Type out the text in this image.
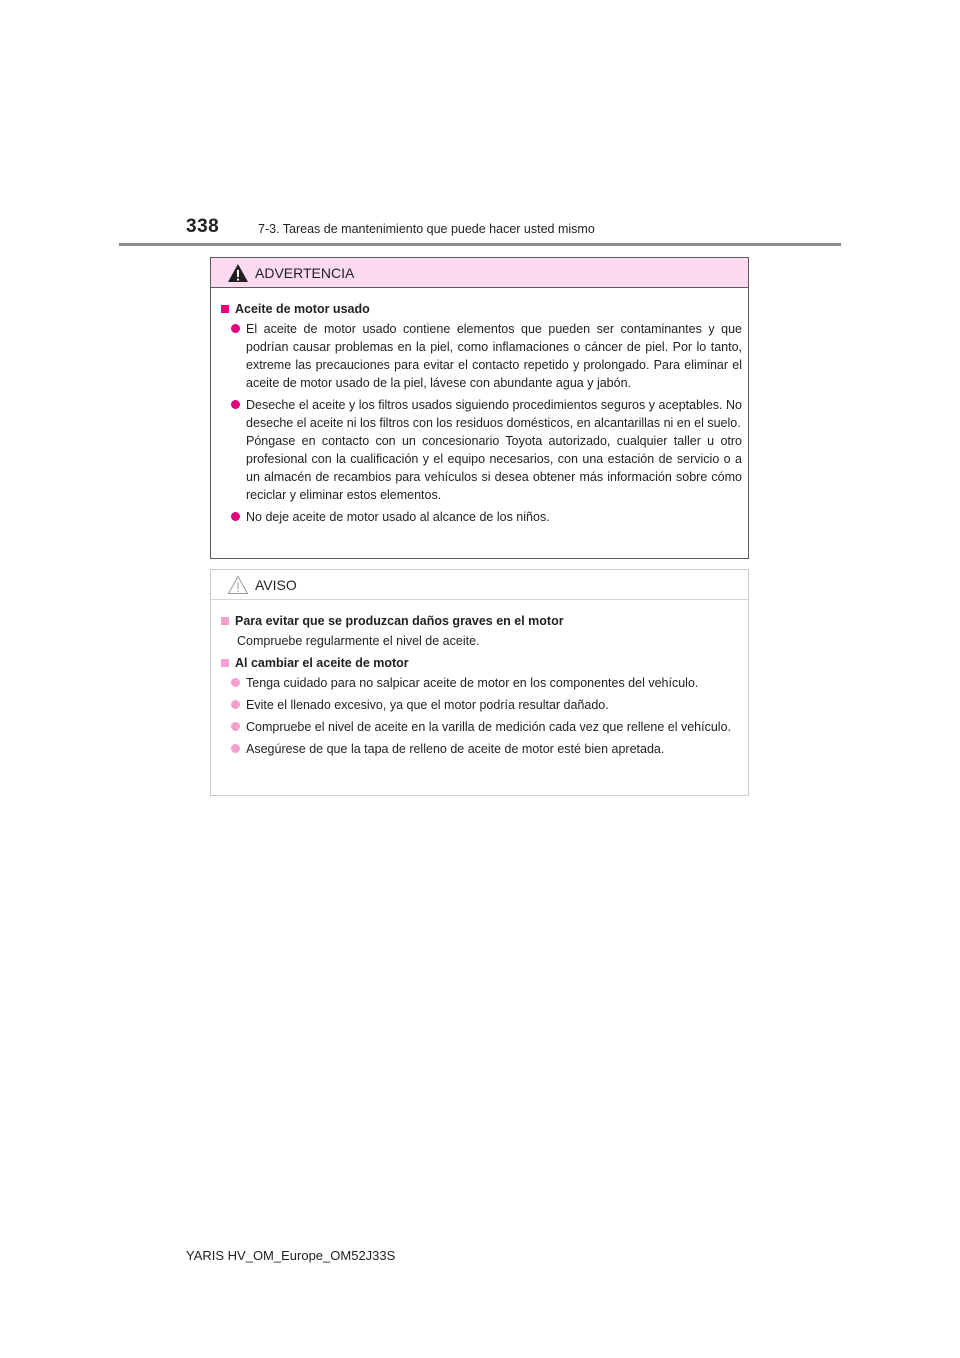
338	7-3. Tareas de mantenimiento que puede hacer usted mismo
ADVERTENCIA
Aceite de motor usado
El aceite de motor usado contiene elementos que pueden ser contaminantes y que podrían causar problemas en la piel, como inflamaciones o cáncer de piel. Por lo tanto, extreme las precauciones para evitar el contacto repetido y prolongado. Para eliminar el aceite de motor usado de la piel, lávese con abundante agua y jabón.
Deseche el aceite y los filtros usados siguiendo procedimientos seguros y aceptables. No deseche el aceite ni los filtros con los residuos domésticos, en alcantarillas ni en el suelo.
Póngase en contacto con un concesionario Toyota autorizado, cualquier taller u otro profesional con la cualificación y el equipo necesarios, con una estación de servicio o a un almacén de recambios para vehículos si desea obtener más información sobre cómo reciclar y eliminar estos elementos.
No deje aceite de motor usado al alcance de los niños.
AVISO
Para evitar que se produzcan daños graves en el motor
Compruebe regularmente el nivel de aceite.
Al cambiar el aceite de motor
Tenga cuidado para no salpicar aceite de motor en los componentes del vehículo.
Evite el llenado excesivo, ya que el motor podría resultar dañado.
Compruebe el nivel de aceite en la varilla de medición cada vez que rellene el vehículo.
Asegúrese de que la tapa de relleno de aceite de motor esté bien apretada.
YARIS HV_OM_Europe_OM52J33S
